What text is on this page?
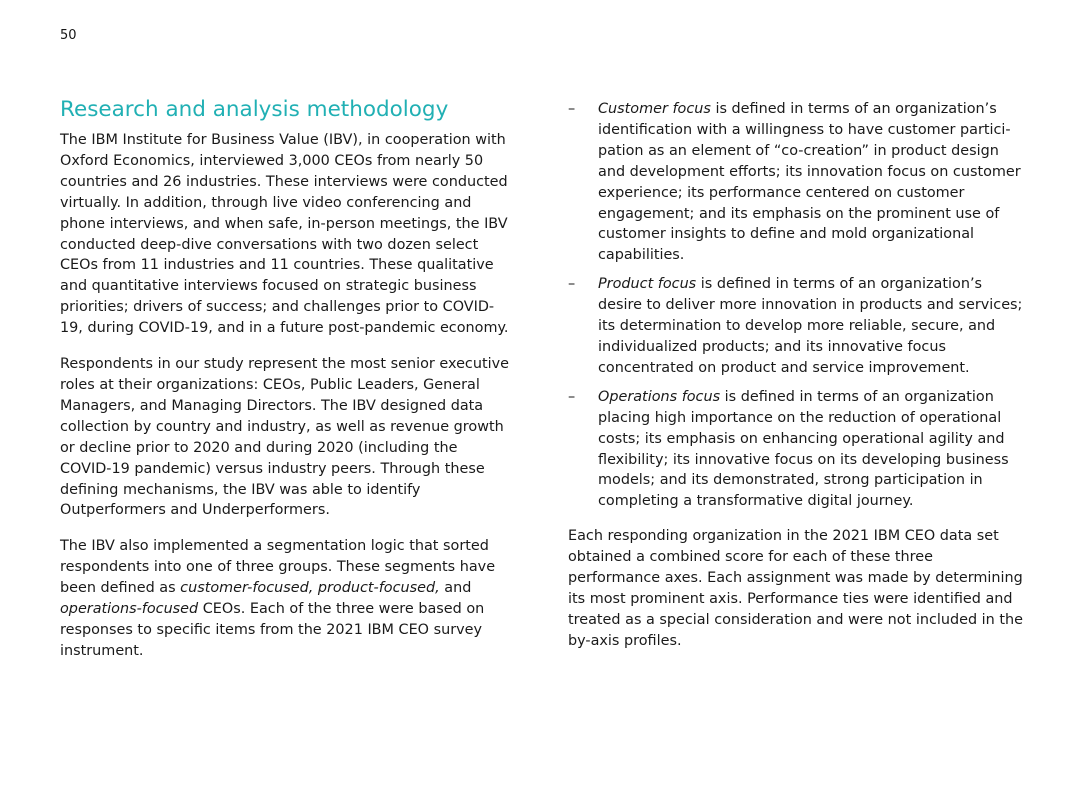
50
Research and analysis methodology

The IBM Institute for Business Value (IBV), in cooperation with Oxford Economics, interviewed 3,000 CEOs from nearly 50 countries and 26 industries. These interviews were conducted virtually. In addition, through live video conferencing and phone interviews, and when safe, in-person meetings, the IBV conducted deep-dive conversations with two dozen select CEOs from 11 industries and 11 countries. These qualitative and quantitative interviews focused on strategic business priorities; drivers of success; and challenges prior to COVID-19, during COVID-19, and in a future post-pandemic economy.

Respondents in our study represent the most senior executive roles at their organizations: CEOs, Public Leaders, General Managers, and Managing Directors. The IBV designed data collection by country and industry, as well as revenue growth or decline prior to 2020 and during 2020 (including the COVID-19 pandemic) versus industry peers. Through these defining mechanisms, the IBV was able to identify Outperformers and Underperformers.

The IBV also implemented a segmentation logic that sorted respondents into one of three groups. These segments have been defined as customer-focused, product-focused, and operations-focused CEOs. Each of the three were based on responses to specific items from the 2021 IBM CEO survey instrument.

– Customer focus is defined in terms of an organization’s identification with a willingness to have customer participation as an element of “co-creation” in product design and development efforts; its innovation focus on customer experience; its performance centered on customer engagement; and its emphasis on the prominent use of customer insights to define and mold organizational capabilities.
– Product focus is defined in terms of an organization’s desire to deliver more innovation in products and services; its determination to develop more reliable, secure, and individualized products; and its innovative focus concentrated on product and service improvement.
– Operations focus is defined in terms of an organization placing high importance on the reduction of operational costs; its emphasis on enhancing operational agility and flexibility; its innovative focus on its developing business models; and its demonstrated, strong participation in completing a transformative digital journey.

Each responding organization in the 2021 IBM CEO data set obtained a combined score for each of these three performance axes. Each assignment was made by determining its most prominent axis. Performance ties were identified and treated as a special consideration and were not included in the by-axis profiles.
